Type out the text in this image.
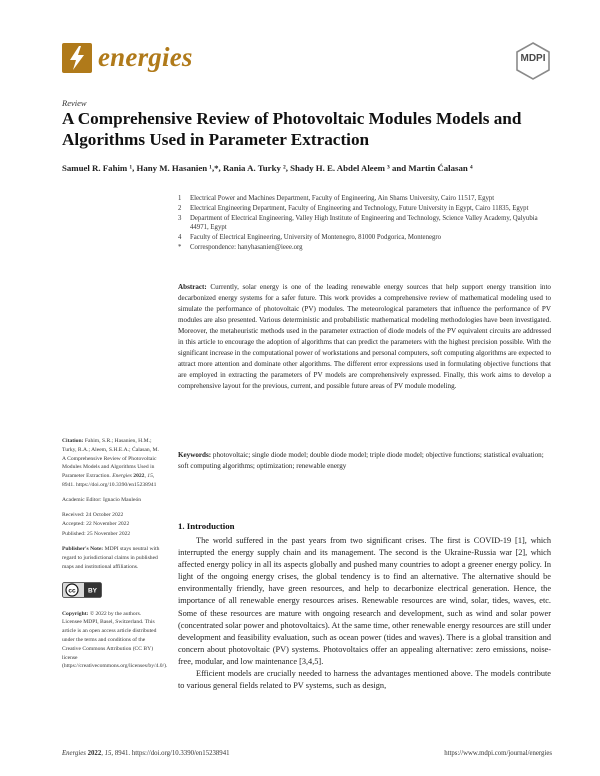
energies	MDPI
Review
A Comprehensive Review of Photovoltaic Modules Models and Algorithms Used in Parameter Extraction
Samuel R. Fahim ¹, Hany M. Hasanien ¹,*, Rania A. Turky ², Shady H. E. Abdel Aleem ³ and Martin Ćalasan ⁴
1 Electrical Power and Machines Department, Faculty of Engineering, Ain Shams University, Cairo 11517, Egypt
2 Electrical Engineering Department, Faculty of Engineering and Technology, Future University in Egypt, Cairo 11835, Egypt
3 Department of Electrical Engineering, Valley High Institute of Engineering and Technology, Science Valley Academy, Qalyubia 44971, Egypt
4 Faculty of Electrical Engineering, University of Montenegro, 81000 Podgorica, Montenegro
* Correspondence: hanyhasanien@ieee.org
Abstract: Currently, solar energy is one of the leading renewable energy sources that help support energy transition into decarbonized energy systems for a safer future. This work provides a comprehensive review of mathematical modeling used to simulate the performance of photovoltaic (PV) modules. The meteorological parameters that influence the performance of PV modules are also presented. Various deterministic and probabilistic mathematical modeling methodologies have been investigated. Moreover, the metaheuristic methods used in the parameter extraction of diode models of the PV equivalent circuits are addressed in this article to encourage the adoption of algorithms that can predict the parameters with the highest precision possible. With the significant increase in the computational power of workstations and personal computers, soft computing algorithms are expected to attract more attention and dominate other algorithms. The different error expressions used in formulating objective functions that are employed in extracting the parameters of PV models are comprehensively expressed. Finally, this work aims to develop a comprehensive layout for the previous, current, and possible future areas of PV module modeling.
Keywords: photovoltaic; single diode model; double diode model; triple diode model; objective functions; statistical evaluation; soft computing algorithms; optimization; renewable energy
Citation: Fahim, S.R.; Hasanien, H.M.; Turky, R.A.; Aleem, S.H.E.A.; Ćalasan, M. A Comprehensive Review of Photovoltaic Modules Models and Algorithms Used in Parameter Extraction. Energies 2022, 15, 8941. https://doi.org/10.3390/en15238941
Academic Editor: Ignacio Mauleón
Received: 24 October 2022
Accepted: 22 November 2022
Published: 25 November 2022
Publisher's Note: MDPI stays neutral with regard to jurisdictional claims in published maps and institutional affiliations.
cc BY
Copyright: © 2022 by the authors. Licensee MDPI, Basel, Switzerland. This article is an open access article distributed under the terms and conditions of the Creative Commons Attribution (CC BY) license (https://creativecommons.org/licenses/by/4.0/).
1. Introduction

The world suffered in the past years from two significant crises. The first is COVID-19 [1], which interrupted the energy supply chain and its management. The second is the Ukraine-Russia war [2], which affected energy policy in all its aspects globally and pushed many countries to adopt a greener energy policy. In light of the ongoing energy crises, the global tendency is to find an alternative. The alternative should be environmentally friendly, have green resources, and help to decarbonize electrical generation. Hence, the importance of all renewable energy resources arises. Renewable resources are wind, solar, tides, waves, etc. Some of these resources are mature with ongoing research and development, such as wind and solar power (concentrated solar power and photovoltaics). At the same time, other renewable energy resources are still under development and feasibility evaluation, such as ocean power (tides and waves). There is a global transition and concern about photovoltaic (PV) systems. Photovoltaics offer an appealing alternative: zero emissions, noise-free, modular, and low maintenance [3,4,5].

Efficient models are crucially needed to harness the advantages mentioned above. The models contribute to various general fields related to PV systems, such as design,

Energies 2022, 15, 8941. https://doi.org/10.3390/en15238941	https://www.mdpi.com/journal/energies
